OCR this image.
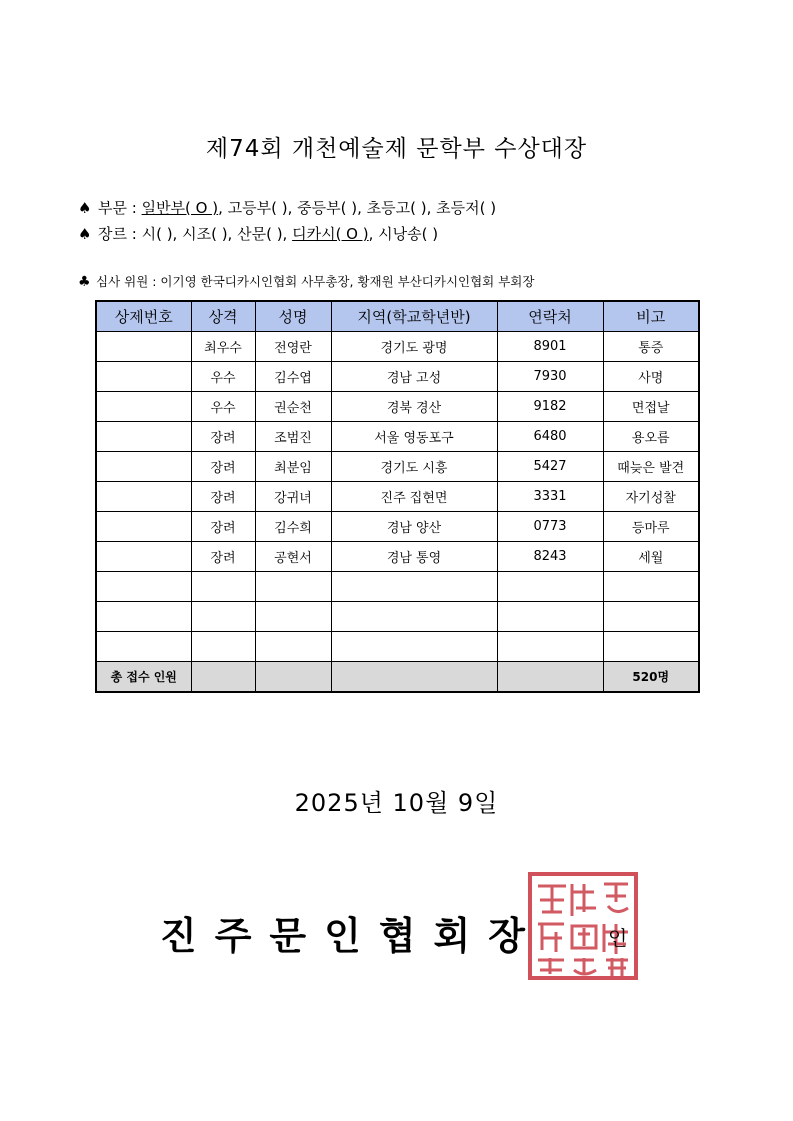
제74회 개천예술제 문학부 수상대장
♠ 부문 : 일반부( O ), 고등부( ), 중등부( ), 초등고( ), 초등저( )
♠ 장르 : 시( ), 시조( ), 산문( ), 디카시( O ), 시낭송( )
♣ 심사 위원 : 이기영 한국디카시인협회 사무총장, 황재원 부산디카시인협회 부회장
상제번호	상격	성명	지역(학교학년반)	연락처	비고
	최우수	전영란	경기도 광명	8901	통증
	우수	김수엽	경남 고성	7930	사명
	우수	권순천	경북 경산	9182	면접날
	장려	조범진	서울 영동포구	6480	용오름
	장려	최분임	경기도 시흥	5427	때늦은 발견
	장려	강귀녀	진주 집현면	3331	자기성찰
	장려	김수희	경남 양산	0773	등마루
	장려	공현서	경남 통영	8243	세월

총 접수 인원					520명
2025년 10월 9일
진주문인협회장	인
